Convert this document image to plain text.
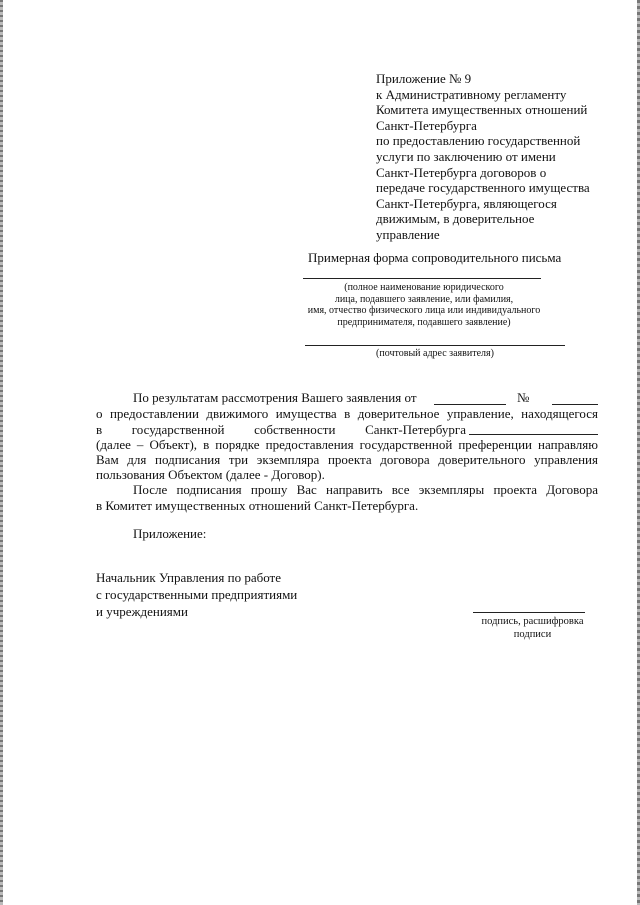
Приложение № 9
к Административному регламенту
Комитета имущественных отношений
Санкт-Петербурга
по предоставлению государственной
услуги по заключению от имени
Санкт-Петербурга договоров о
передаче государственного имущества
Санкт-Петербурга, являющегося
движимым, в доверительное
управление
Примерная форма сопроводительного письма
(полное наименование юридического
лица, подавшего заявление, или фамилия,
имя, отчество физического лица или индивидуального
предпринимателя, подавшего заявление)
(почтовый адрес заявителя)
По результатам рассмотрения Вашего заявления от	№
о предоставлении движимого имущества в доверительное управление, находящегося
в государственной собственности Санкт-Петербурга
(далее – Объект), в порядке предоставления государственной преференции направляю
Вам для подписания три экземпляра проекта договора доверительного управления
пользования Объектом (далее - Договор).
После подписания прошу Вас направить все экземпляры проекта Договора
в Комитет имущественных отношений Санкт-Петербурга.
Приложение:
Начальник Управления по работе
с государственными предприятиями
и учреждениями
подпись, расшифровка
подписи
